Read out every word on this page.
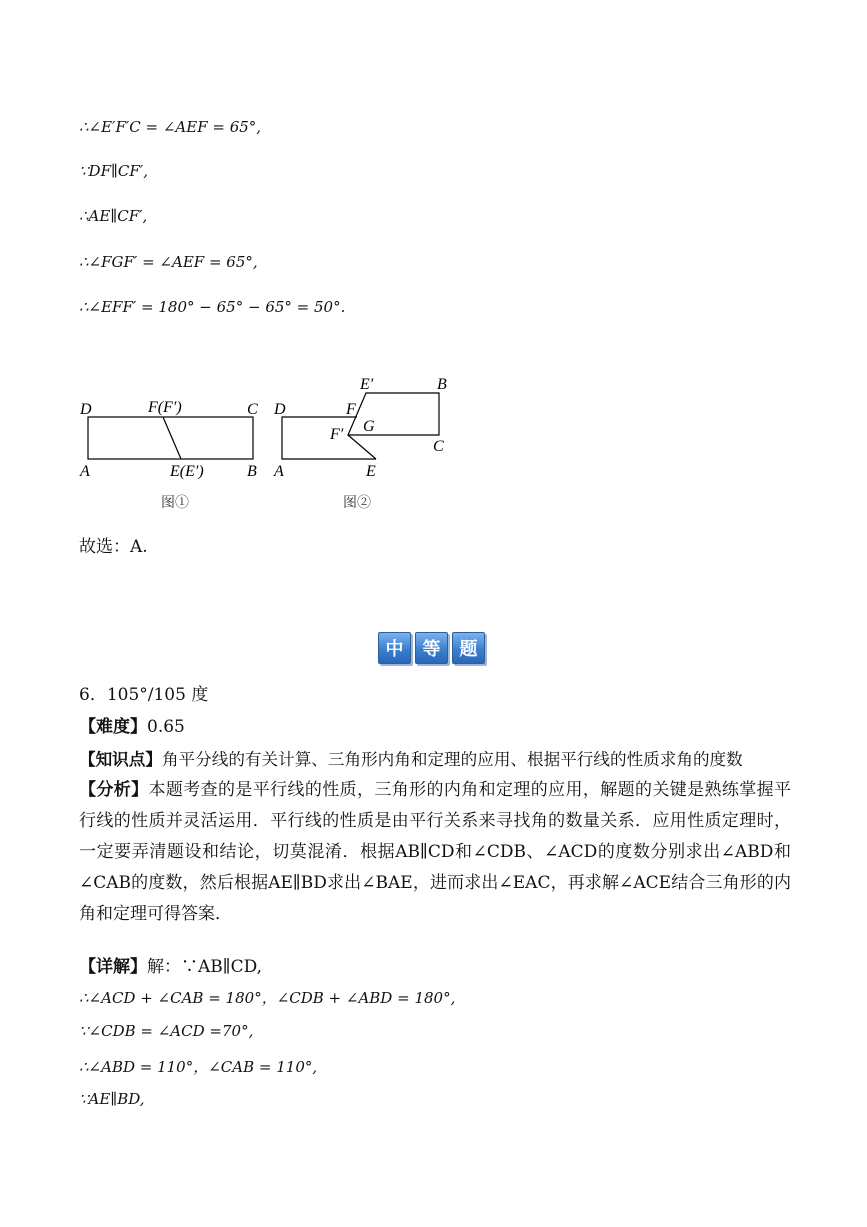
∴∠E′F′C = ∠AEF = 65°,
∵DF∥CF′,
∴AE∥CF′,
∴∠FGF′ = ∠AEF = 65°,
∴∠EFF′ = 180° − 65° − 65° = 50°.
D	F(F′)	C
A	E(E′)	B
图①
D	F
E′	B
F′ G
C
A	E
图②
故选：A.
中	等	题
6．105°/105 度
【难度】0.65
【知识点】角平分线的有关计算、三角形内角和定理的应用、根据平行线的性质求角的度数
【分析】本题考查的是平行线的性质，三角形的内角和定理的应用，解题的关键是熟练掌握平行线的性质并灵活运用．平行线的性质是由平行关系来寻找角的数量关系．应用性质定理时，一定要弄清题设和结论，切莫混淆．根据AB∥CD和∠CDB、∠ACD的度数分别求出∠ABD和∠CAB的度数，然后根据AE∥BD求出∠BAE，进而求出∠EAC，再求解∠ACE结合三角形的内角和定理可得答案．
【详解】解：∵AB∥CD,
∴∠ACD + ∠CAB = 180°，∠CDB + ∠ABD = 180°,
∵∠CDB = ∠ACD =70°,
∴∠ABD = 110°，∠CAB = 110°,
∵AE∥BD,
